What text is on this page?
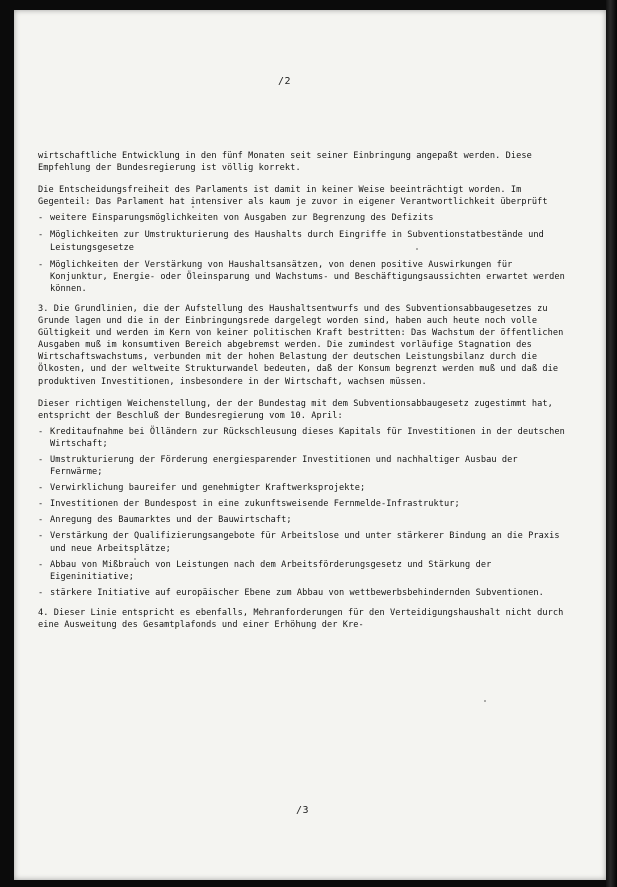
/2

wirtschaftliche Entwicklung in den fünf Monaten seit seiner Einbringung angepaßt werden. Diese Empfehlung der Bundesregierung ist völlig korrekt.

Die Entscheidungsfreiheit des Parlaments ist damit in keiner Weise beeinträchtigt worden. Im Gegenteil: Das Parlament hat intensiver als kaum je zuvor in eigener Verantwortlichkeit überprüft

- weitere Einsparungsmöglichkeiten von Ausgaben zur Begrenzung des Defizits
- Möglichkeiten zur Umstrukturierung des Haushalts durch Eingriffe in Subventionstatbestände und Leistungsgesetze
- Möglichkeiten der Verstärkung von Haushaltsansätzen, von denen positive Auswirkungen für Konjunktur, Energie- oder Öleinsparung und Wachstums- und Beschäftigungsaussichten erwartet werden können.

3. Die Grundlinien, die der Aufstellung des Haushaltsentwurfs und des Subventionsabbaugesetzes zu Grunde lagen und die in der Einbringungsrede dargelegt worden sind, haben auch heute noch volle Gültigkeit und werden im Kern von keiner politischen Kraft bestritten: Das Wachstum der öffentlichen Ausgaben muß im konsumtiven Bereich abgebremst werden. Die zumindest vorläufige Stagnation des Wirtschaftswachstums, verbunden mit der hohen Belastung der deutschen Leistungsbilanz durch die Ölkosten, und der weltweite Strukturwandel bedeuten, daß der Konsum begrenzt werden muß und daß die produktiven Investitionen, insbesondere in der Wirtschaft, wachsen müssen.

Dieser richtigen Weichenstellung, der der Bundestag mit dem Subventionsabbaugesetz zugestimmt hat, entspricht der Beschluß der Bundesregierung vom 10. April:

- Kreditaufnahme bei Ölländern zur Rückschleusung dieses Kapitals für Investitionen in der deutschen Wirtschaft;
- Umstrukturierung der Förderung energiesparender Investitionen und nachhaltiger Ausbau der Fernwärme;
- Verwirklichung baureifer und genehmigter Kraftwerksprojekte;
- Investitionen der Bundespost in eine zukunftsweisende Fernmelde-Infrastruktur;
- Anregung des Baumarktes und der Bauwirtschaft;
- Verstärkung der Qualifizierungsangebote für Arbeitslose und unter stärkerer Bindung an die Praxis und neue Arbeitsplätze;
- Abbau von Mißbrauch von Leistungen nach dem Arbeitsförderungsgesetz und Stärkung der Eigeninitiative;
- stärkere Initiative auf europäischer Ebene zum Abbau von wettbewerbsbehindernden Subventionen.

4. Dieser Linie entspricht es ebenfalls, Mehranforderungen für den Verteidigungshaushalt nicht durch eine Ausweitung des Gesamtplafonds und einer Erhöhung der Kre-

/3
